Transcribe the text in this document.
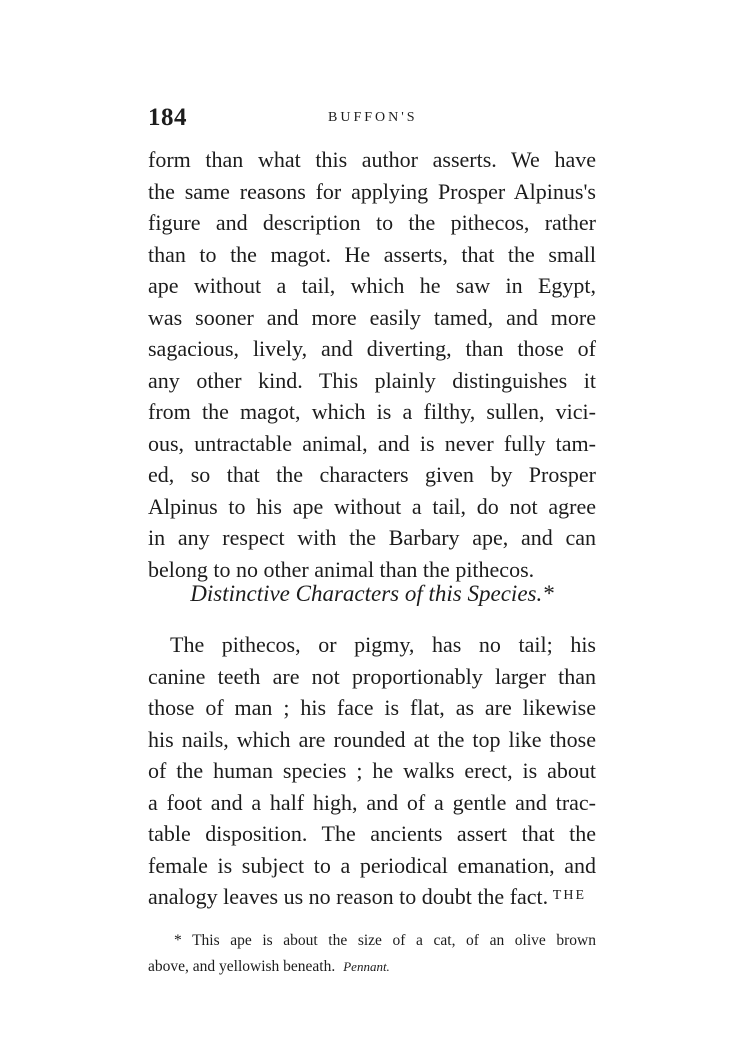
184	BUFFON'S
form than what this author asserts. We have
the same reasons for applying Prosper Alpinus's
figure and description to the pithecos, rather
than to the magot. He asserts, that the small
ape without a tail, which he saw in Egypt,
was sooner and more easily tamed, and more
sagacious, lively, and diverting, than those of
any other kind. This plainly distinguishes it
from the magot, which is a filthy, sullen, vici-
ous, untractable animal, and is never fully tam-
ed, so that the characters given by Prosper
Alpinus to his ape without a tail, do not agree
in any respect with the Barbary ape, and can
belong to no other animal than the pithecos.
Distinctive Characters of this Species.*
The pithecos, or pigmy, has no tail; his
canine teeth are not proportionably larger than
those of man ; his face is flat, as are likewise
his nails, which are rounded at the top like those
of the human species ; he walks erect, is about
a foot and a half high, and of a gentle and trac-
table disposition. The ancients assert that the
female is subject to a periodical emanation, and
analogy leaves us no reason to doubt the fact. THE
* This ape is about the size of a cat, of an olive brown
above, and yellowish beneath. Pennant.
